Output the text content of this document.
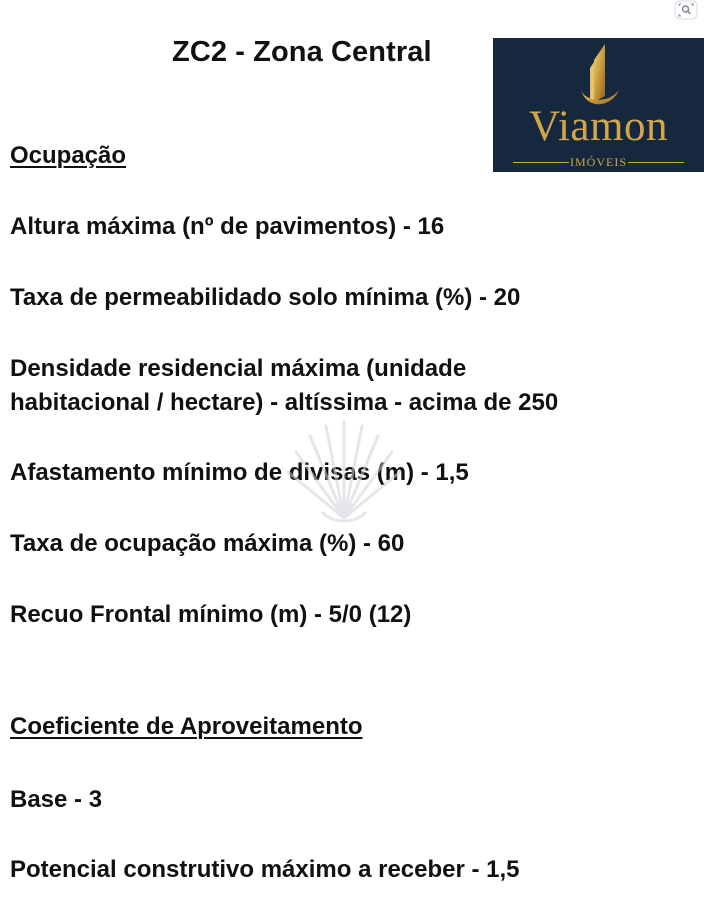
ZC2 - Zona Central
Viamon
IMÓVEIS
Ocupação
Altura máxima (nº de pavimentos) - 16
Taxa de permeabilidado solo mínima (%) - 20
Densidade residencial máxima (unidade
habitacional / hectare) - altíssima - acima de 250
Afastamento mínimo de divisas (m) - 1,5
Taxa de ocupação máxima (%) - 60
Recuo Frontal mínimo (m) - 5/0 (12)
Coeficiente de Aproveitamento
Base - 3
Potencial construtivo máximo a receber - 1,5
